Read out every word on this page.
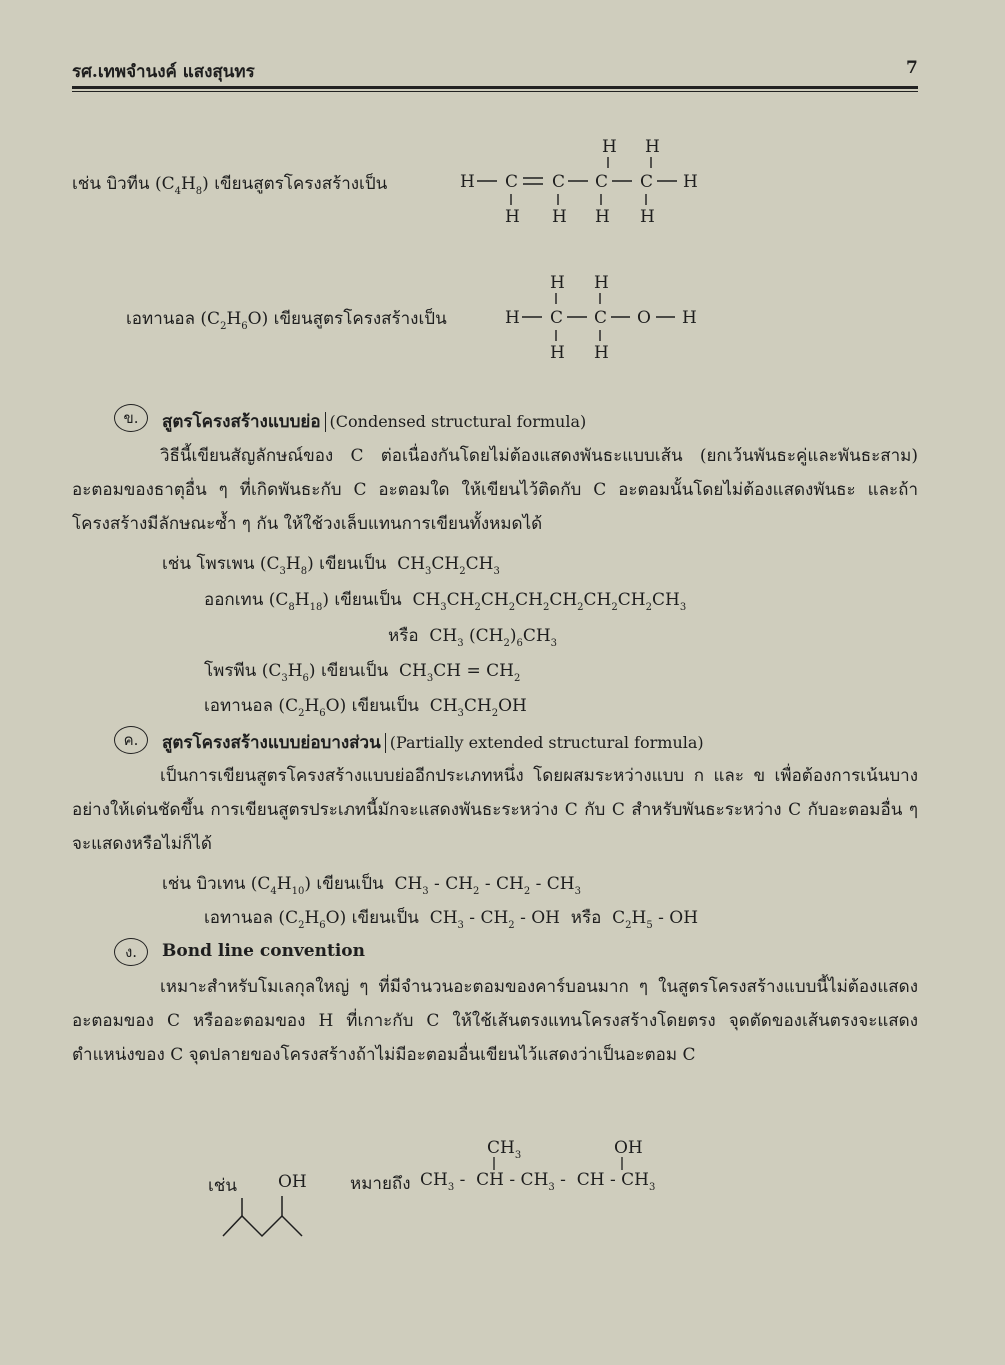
รศ.เทพจำนงค์ แสงสุนทร	7
เช่น บิวทีน $(C_4H_8)$ เขียนสูตรโครงสร้างเป็น
H H
H C C C C H
H H H H
เอทานอล $(C_2H_6O)$ เขียนสูตรโครงสร้างเป็น
H H
H C C O H
H H
ข.	สูตรโครงสร้างแบบย่อ (Condensed structural formula)
วิธีนี้เขียนสัญลักษณ์ของ C ต่อเนื่องกันโดยไม่ต้องแสดงพันธะแบบเส้น (ยกเว้นพันธะคู่และพันธะสาม) อะตอมของธาตุอื่น ๆ ที่เกิดพันธะกับ C อะตอมใด ให้เขียนไว้ติดกับ C อะตอมนั้นโดยไม่ต้องแสดงพันธะ และถ้าโครงสร้างมีลักษณะซ้ำ ๆ กัน ให้ใช้วงเล็บแทนการเขียนทั้งหมดได้
เช่น โพรเพน $(C_3H_8)$ เขียนเป็น  $CH_3CH_2CH_3$
ออกเทน $(C_8H_{18})$ เขียนเป็น  $CH_3CH_2CH_2CH_2CH_2CH_2CH_2CH_3$
หรือ  $CH_3$ $(CH_2)_6CH_3$
โพรพีน $(C_3H_6)$ เขียนเป็น  $CH_3CH = CH_2$
เอทานอล $(C_2H_6O)$ เขียนเป็น  $CH_3CH_2OH$
ค.	สูตรโครงสร้างแบบย่อบางส่วน (Partially extended structural formula)
เป็นการเขียนสูตรโครงสร้างแบบย่ออีกประเภทหนึ่ง โดยผสมระหว่างแบบ ก และ ข เพื่อต้องการเน้นบางอย่างให้เด่นชัดขึ้น การเขียนสูตรประเภทนี้มักจะแสดงพันธะระหว่าง C กับ C สำหรับพันธะระหว่าง C กับอะตอมอื่น ๆ จะแสดงหรือไม่ก็ได้
เช่น บิวเทน $(C_4H_{10})$ เขียนเป็น  $CH_3 - CH_2 - CH_2 - CH_3$
เอทานอล $(C_2H_6O)$ เขียนเป็น  $CH_3 - CH_2$ - OH  หรือ  $C_2H_5$ - OH
ง.	Bond line convention
เหมาะสำหรับโมเลกุลใหญ่ ๆ ที่มีจำนวนอะตอมของคาร์บอนมาก ๆ ในสูตรโครงสร้างแบบนี้ไม่ต้องแสดงอะตอมของ C หรืออะตอมของ H ที่เกาะกับ C ให้ใช้เส้นตรงแทนโครงสร้างโดยตรง จุดตัดของเส้นตรงจะแสดงตำแหน่งของ C จุดปลายของโครงสร้างถ้าไม่มีอะตอมอื่นเขียนไว้แสดงว่าเป็นอะตอม C
เช่น OH	หมายถึง $CH_3$ -  CH - $CH_3$ -  CH - $CH_3$
$CH_3$	OH
